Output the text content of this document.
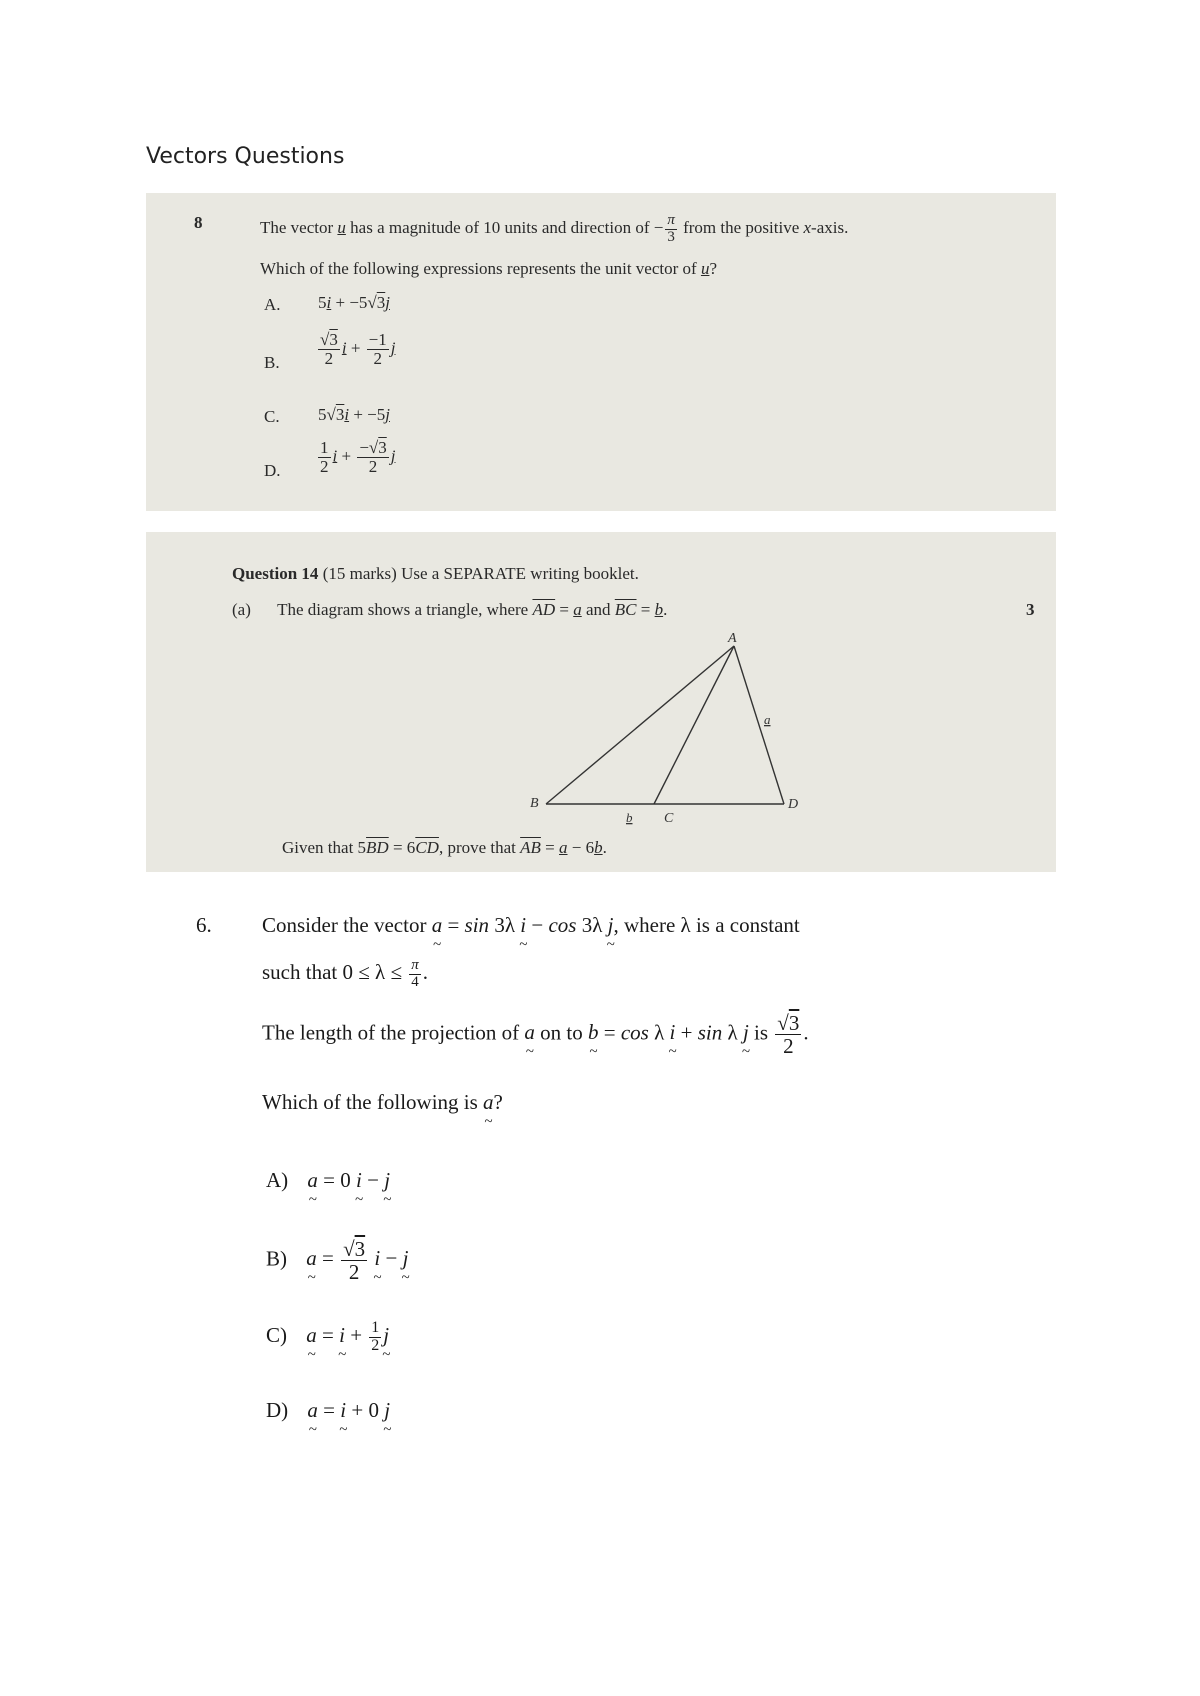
Vectors Questions
8	The vector u has a magnitude of 10 units and direction of − $\frac{\pi}{3}$ from the positive x-axis.
Which of the following expressions represents the unit vector of u?
A. 5i + −5√3j
B. $\frac{√3}{2}$ $i + \frac{-1}{2}$ j
C. 5√3i + −5j
D. $\frac{1}{2}$ $i + \frac{-√3}{2}$ j
Question 14 (15 marks) Use a SEPARATE writing booklet.
(a) The diagram shows a triangle, where $\overline{AD} = a$ and $\overline{BC} = b$.	3
A
B
C
D
a
b
Given that $5\overline{BD} = 6\overline{CD}$, prove that $\overline{AB} = a - 6b$.
6. Consider the vector a ~ = sin 3λ i ~ − cos 3λ j ~, where λ is a constant
such that $0 \le \lambda \le \frac{\pi}{4}$ .
The length of the projection of a ~ on to b ~ = cos λ i ~ + sin λ j ~ is $\frac{√3}{2}$ .
Which of the following is a ~?
A) a ~ = 0 i ~ − j ~
B) a ~ = $\frac{√3}{2}$ i ~ − j ~
C) a ~ = i ~ + $\frac{1}{2}$ j ~
D) a ~ = i ~ + 0 j ~
